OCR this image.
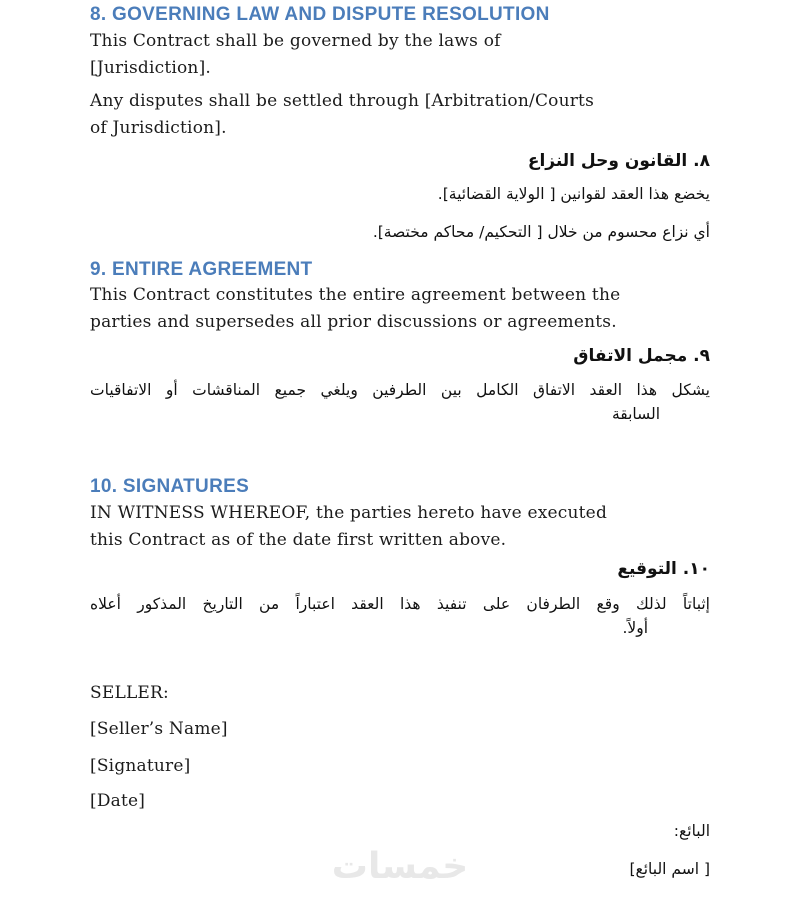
8. GOVERNING LAW AND DISPUTE RESOLUTION
This Contract shall be governed by the laws of
[Jurisdiction].
Any disputes shall be settled through [Arbitration/Courts
of Jurisdiction].
٨. القانون وحل النزاع
يخضع هذا العقد لقوانين [ الولاية القضائية].
أي نزاع محسوم من خلال [ التحكيم/ محاكم مختصة].
9. ENTIRE AGREEMENT
This Contract constitutes the entire agreement between the
parties and supersedes all prior discussions or agreements.
٩. مجمل الاتفاق
يشكل هذا العقد الاتفاق الكامل بين الطرفين ويلغي جميع المناقشات أو الاتفاقيات
السابقة
10. SIGNATURES
IN WITNESS WHEREOF, the parties hereto have executed
this Contract as of the date first written above.
١٠. التوقيع
إثباتاً لذلك وقع الطرفان على تنفيذ هذا العقد اعتباراً من التاريخ المذكور أعلاه
أولاً.
SELLER:
[Seller’s Name]
[Signature]
[Date]
البائع:
[ اسم البائع]
خمسات
